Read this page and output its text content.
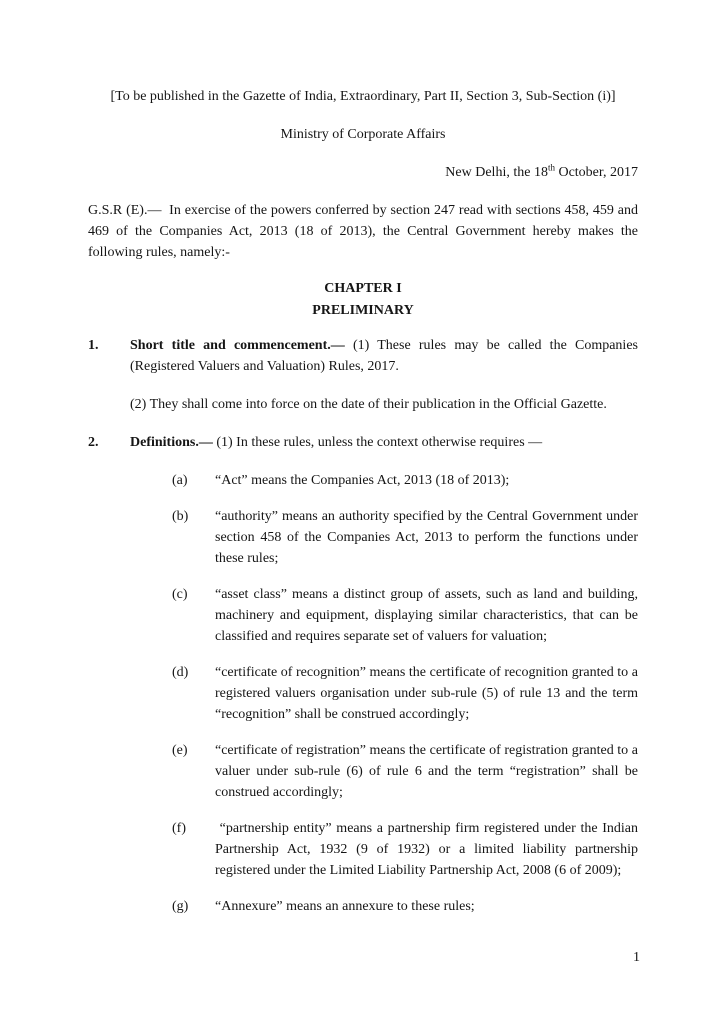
[To be published in the Gazette of India, Extraordinary, Part II, Section 3, Sub-Section (i)]

Ministry of Corporate Affairs

New Delhi, the 18th October, 2017

G.S.R (E).—  In exercise of the powers conferred by section 247 read with sections 458, 459 and 469 of the Companies Act, 2013 (18 of 2013), the Central Government hereby makes the following rules, namely:-

CHAPTER I

PRELIMINARY

1.	Short title and commencement.— (1) These rules may be called the Companies (Registered Valuers and Valuation) Rules, 2017.

(2) They shall come into force on the date of their publication in the Official Gazette.

2.	Definitions.— (1) In these rules, unless the context otherwise requires —

(a)	“Act” means the Companies Act, 2013 (18 of 2013);
(b)	“authority” means an authority specified by the Central Government under section 458 of the Companies Act, 2013 to perform the functions under these rules;
(c)	“asset class” means a distinct group of assets, such as land and building, machinery and equipment, displaying similar characteristics, that can be classified and requires separate set of valuers for valuation;
(d)	“certificate of recognition” means the certificate of recognition granted to a registered valuers organisation under sub-rule (5) of rule 13 and the term “recognition” shall be construed accordingly;
(e)	“certificate of registration” means the certificate of registration granted to a valuer under sub-rule (6) of rule 6 and the term “registration” shall be construed accordingly;
(f)	“partnership entity” means a partnership firm registered under the Indian Partnership Act, 1932 (9 of 1932) or a limited liability partnership registered under the Limited Liability Partnership Act, 2008 (6 of 2009);
(g)	“Annexure” means an annexure to these rules;
1
